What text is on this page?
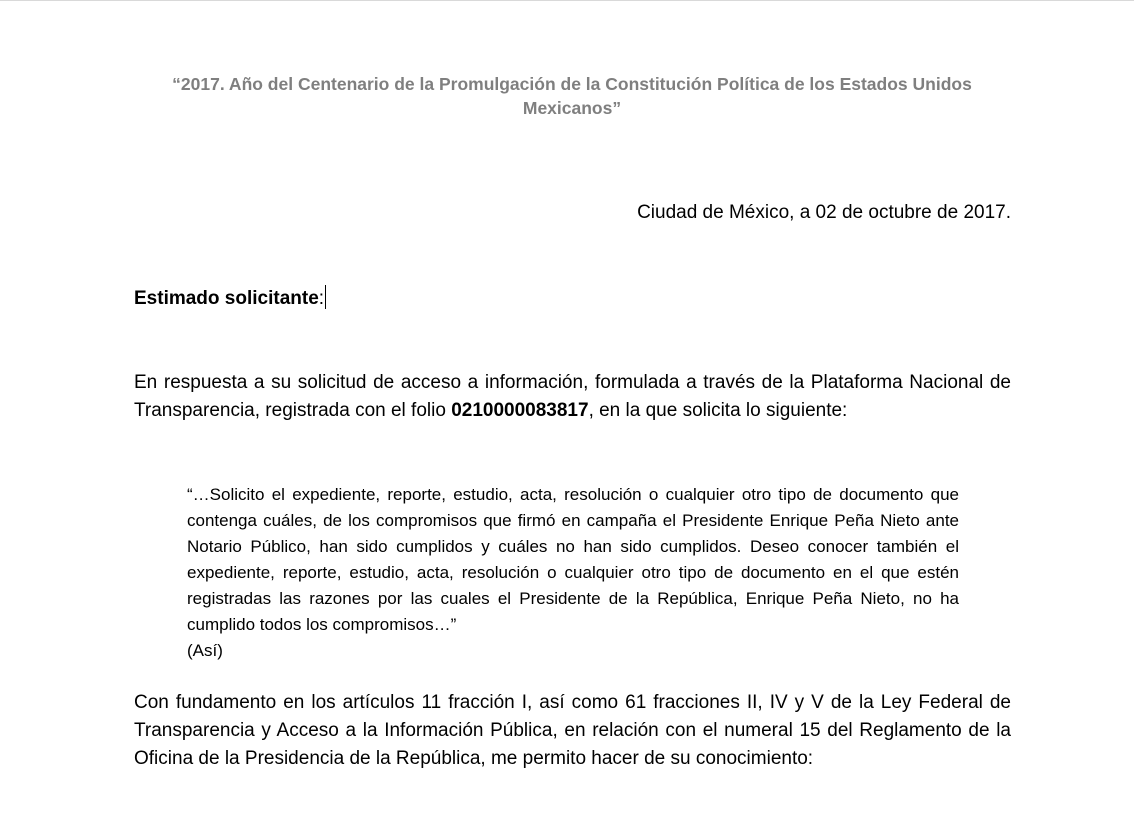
“2017. Año del Centenario de la Promulgación de la Constitución Política de los Estados Unidos Mexicanos”
Ciudad de México, a 02 de octubre de 2017.
Estimado solicitante:
En respuesta a su solicitud de acceso a información, formulada a través de la Plataforma Nacional de Transparencia, registrada con el folio 0210000083817, en la que solicita lo siguiente:
“…Solicito el expediente, reporte, estudio, acta, resolución o cualquier otro tipo de documento que contenga cuáles, de los compromisos que firmó en campaña el Presidente Enrique Peña Nieto ante Notario Público, han sido cumplidos y cuáles no han sido cumplidos. Deseo conocer también el expediente, reporte, estudio, acta, resolución o cualquier otro tipo de documento en el que estén registradas las razones por las cuales el Presidente de la República, Enrique Peña Nieto, no ha cumplido todos los compromisos…”
(Así)
Con fundamento en los artículos 11 fracción I, así como 61 fracciones II, IV y V de la Ley Federal de Transparencia y Acceso a la Información Pública, en relación con el numeral 15 del Reglamento de la Oficina de la Presidencia de la República, me permito hacer de su conocimiento:
